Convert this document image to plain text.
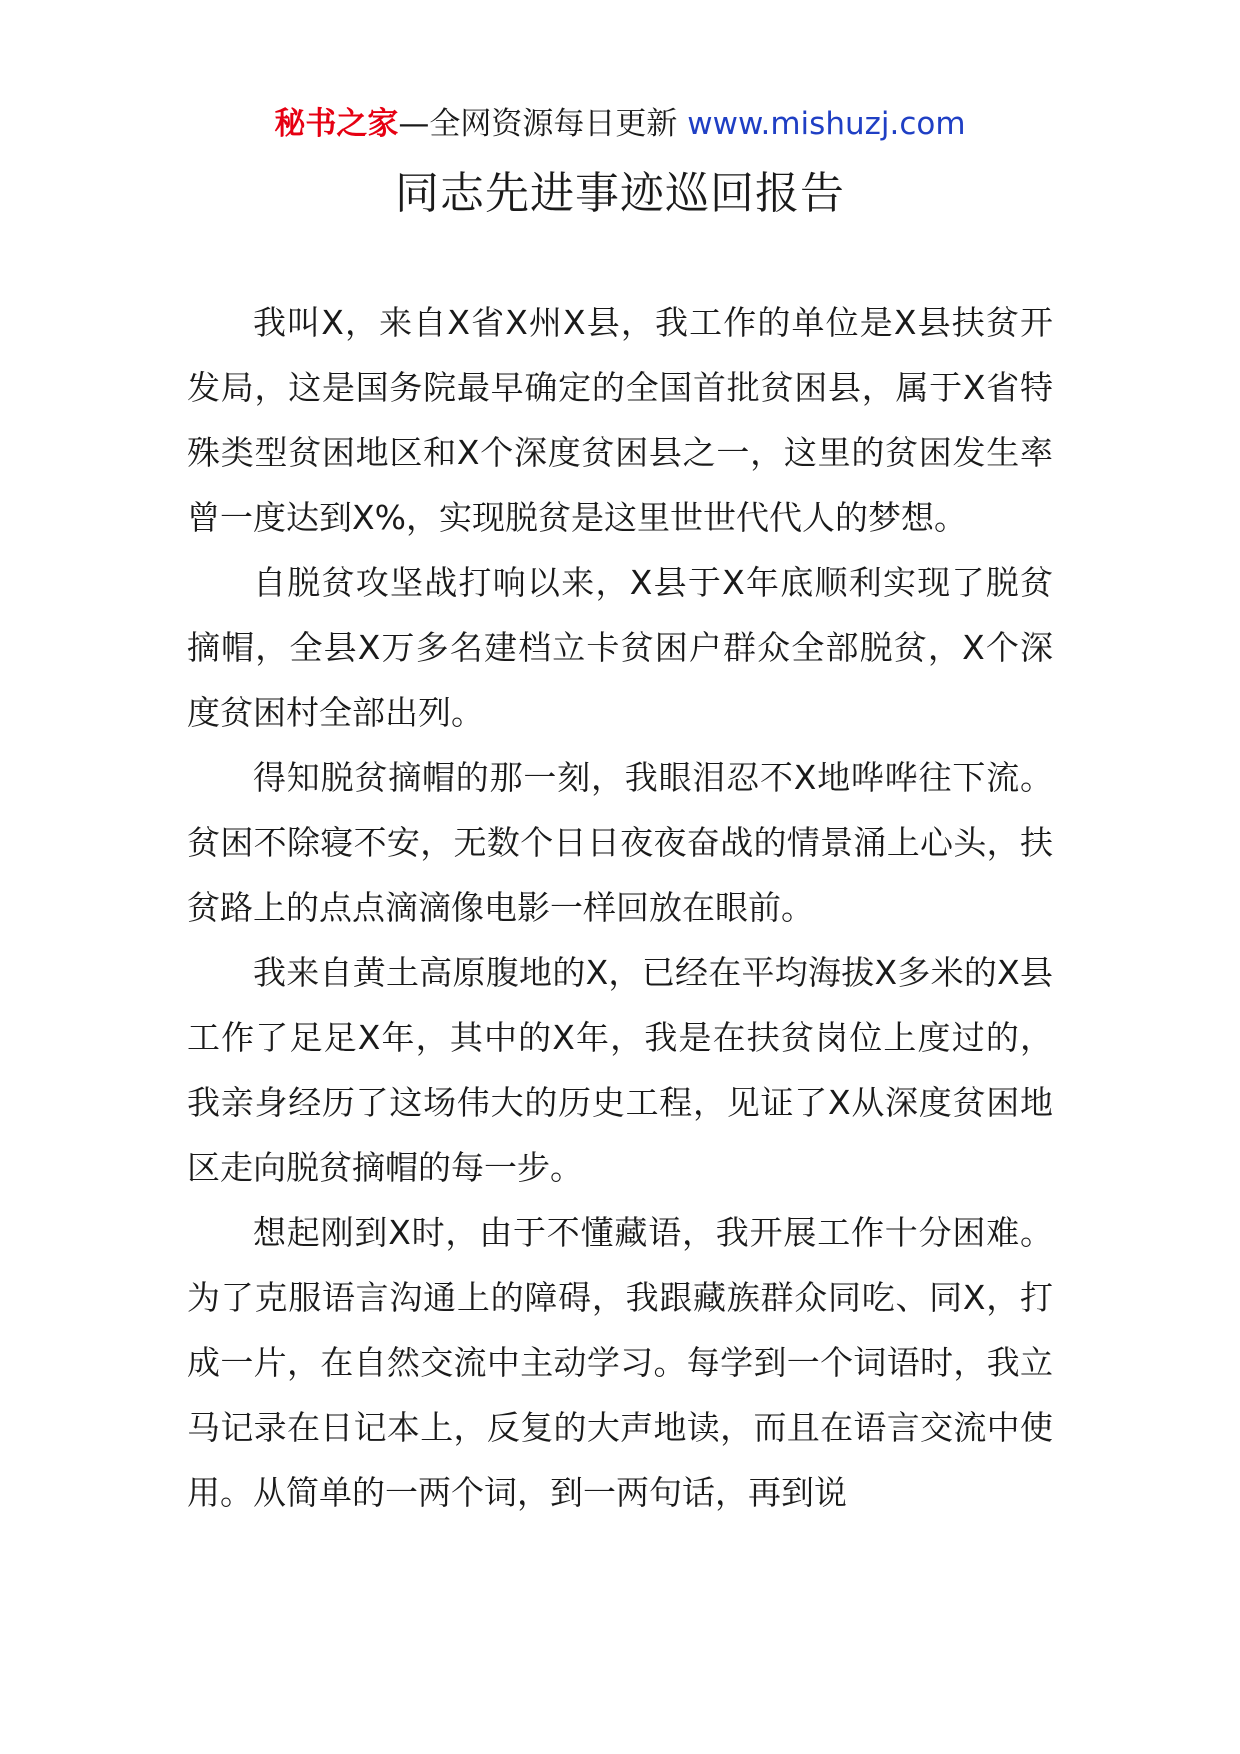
秘书之家—全网资源每日更新 www.mishuzj.com
同志先进事迹巡回报告

我叫X，来自X省X州X县，我工作的单位是X县扶贫开发局，这是国务院最早确定的全国首批贫困县，属于X省特殊类型贫困地区和X个深度贫困县之一，这里的贫困发生率曾一度达到X%，实现脱贫是这里世世代代人的梦想。

自脱贫攻坚战打响以来，X县于X年底顺利实现了脱贫摘帽，全县X万多名建档立卡贫困户群众全部脱贫，X个深度贫困村全部出列。

得知脱贫摘帽的那一刻，我眼泪忍不X地哗哗往下流。贫困不除寝不安，无数个日日夜夜奋战的情景涌上心头，扶贫路上的点点滴滴像电影一样回放在眼前。

我来自黄土高原腹地的X，已经在平均海拔X多米的X县工作了足足X年，其中的X年，我是在扶贫岗位上度过的，我亲身经历了这场伟大的历史工程，见证了X从深度贫困地区走向脱贫摘帽的每一步。

想起刚到X时，由于不懂藏语，我开展工作十分困难。为了克服语言沟通上的障碍，我跟藏族群众同吃、同X，打成一片，在自然交流中主动学习。每学到一个词语时，我立马记录在日记本上，反复的大声地读，而且在语言交流中使用。从简单的一两个词，到一两句话，再到说
